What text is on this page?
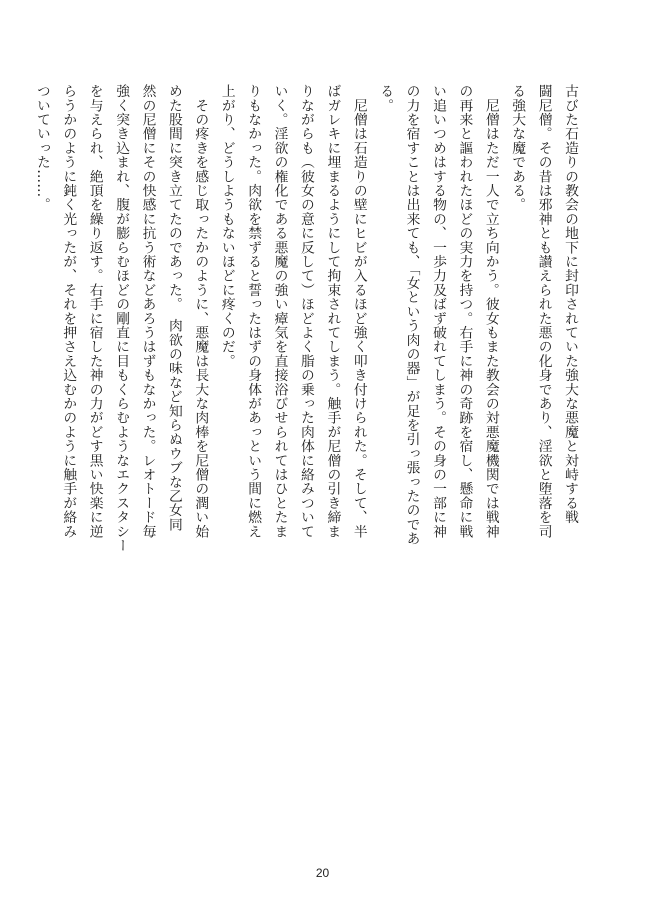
古びた石造りの教会の地下に封印されていた強大な悪魔と対峙する戦
闘尼僧。その昔は邪神とも讃えられた悪の化身であり、淫欲と堕落を司
る強大な魔である。
　尼僧はただ一人で立ち向かう。彼女もまた教会の対悪魔機関では戦神
の再来と謳われたほどの実力を持つ。右手に神の奇跡を宿し、懸命に戦
い追いつめはする物の、一歩力及ばず破れてしまう。その身の一部に神
の力を宿すことは出来ても、「女という肉の器」が足を引っ張ったのであ
る。
　尼僧は石造りの壁にヒビが入るほど強く叩き付けられた。そして、半
ばガレキに埋まるようにして拘束されてしまう。触手が尼僧の引き締ま
りながらも（彼女の意に反して）ほどよく脂の乗った肉体に絡みついて
いく。淫欲の権化である悪魔の強い瘴気を直接浴びせられてはひとたま
りもなかった。肉欲を禁ずると誓ったはずの身体があっという間に燃え
上がり、どうしようもないほどに疼くのだ。
　その疼きを感じ取ったかのように、悪魔は長大な肉棒を尼僧の潤い始
めた股間に突き立てたのであった。　肉欲の味など知らぬウブな乙女同
然の尼僧にその快感に抗う術などあろうはずもなかった。レオトード毎
強く突き込まれ、腹が膨らむほどの剛直に目もくらむようなエクスタシー
を与えられ、絶頂を繰り返す。右手に宿した神の力がどす黒い快楽に逆
らうかのように鈍く光ったが、それを押さえ込むかのように触手が絡み
ついていった……。
20
